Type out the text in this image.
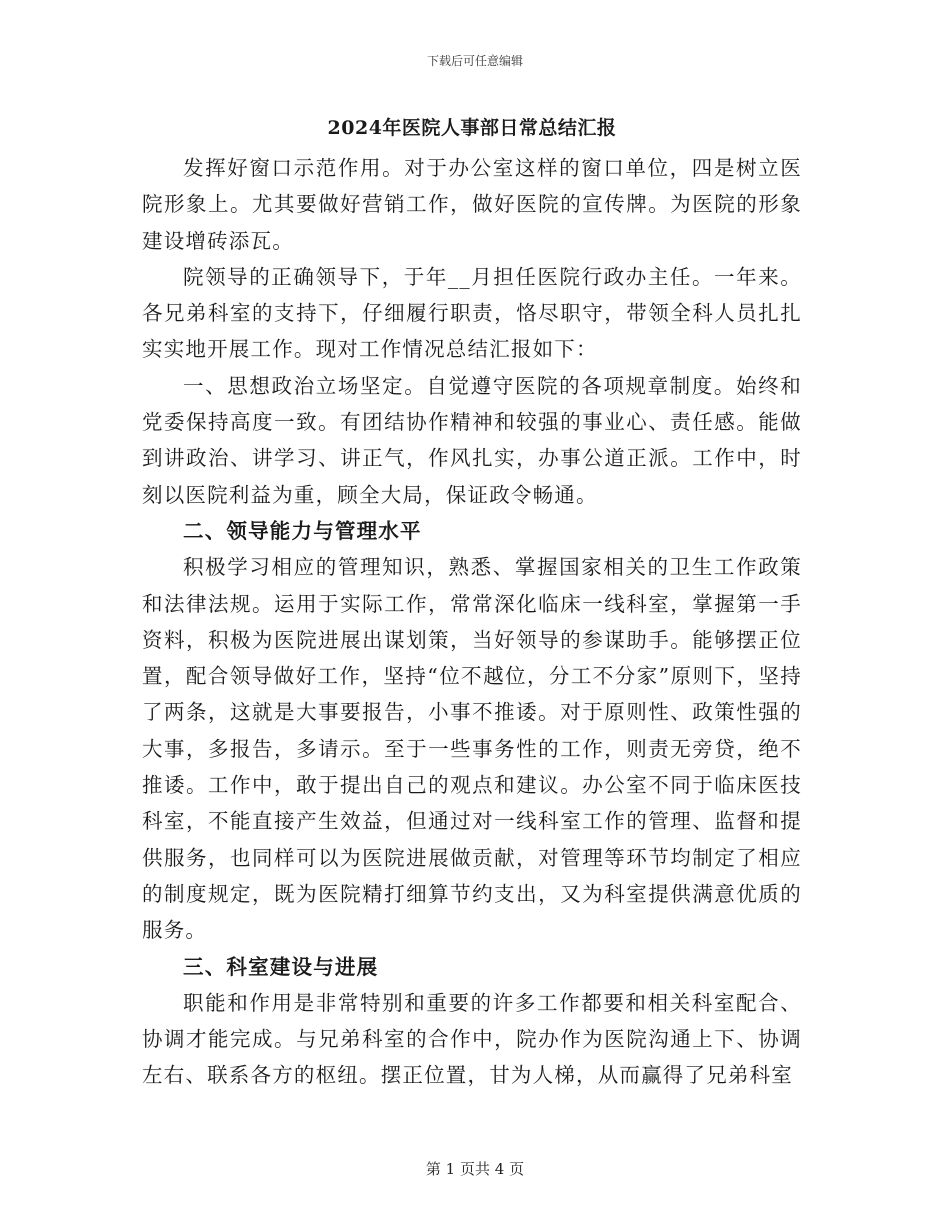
下载后可任意编辑
2024年医院人事部日常总结汇报

发挥好窗口示范作用。对于办公室这样的窗口单位，四是树立医院形象上。尤其要做好营销工作，做好医院的宣传牌。为医院的形象建设增砖添瓦。

院领导的正确领导下，于年__月担任医院行政办主任。一年来。各兄弟科室的支持下，仔细履行职责，恪尽职守，带领全科人员扎扎实实地开展工作。现对工作情况总结汇报如下：

一、思想政治立场坚定。自觉遵守医院的各项规章制度。始终和党委保持高度一致。有团结协作精神和较强的事业心、责任感。能做到讲政治、讲学习、讲正气，作风扎实，办事公道正派。工作中，时刻以医院利益为重，顾全大局，保证政令畅通。

二、领导能力与管理水平

积极学习相应的管理知识，熟悉、掌握国家相关的卫生工作政策和法律法规。运用于实际工作，常常深化临床一线科室，掌握第一手资料，积极为医院进展出谋划策，当好领导的参谋助手。能够摆正位置，配合领导做好工作，坚持“位不越位，分工不分家”原则下，坚持了两条，这就是大事要报告，小事不推诿。对于原则性、政策性强的大事，多报告，多请示。至于一些事务性的工作，则责无旁贷，绝不推诿。工作中，敢于提出自己的观点和建议。办公室不同于临床医技科室，不能直接产生效益，但通过对一线科室工作的管理、监督和提供服务，也同样可以为医院进展做贡献，对管理等环节均制定了相应的制度规定，既为医院精打细算节约支出，又为科室提供满意优质的服务。

三、科室建设与进展

职能和作用是非常特别和重要的许多工作都要和相关科室配合、协调才能完成。与兄弟科室的合作中，院办作为医院沟通上下、协调左右、联系各方的枢纽。摆正位置，甘为人梯，从而赢得了兄弟科室

第 1 页共 4 页
